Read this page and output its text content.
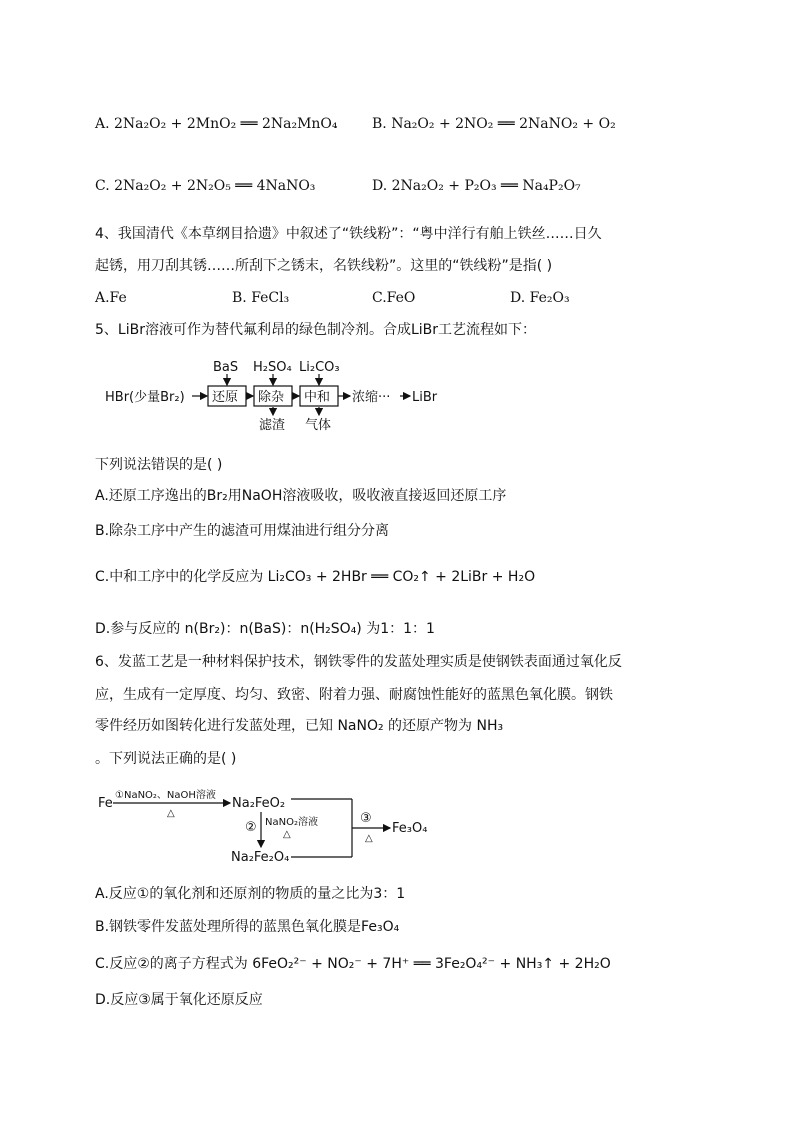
A. 2Na₂O₂ + 2MnO₂ ══ 2Na₂MnO₄ B. Na₂O₂ + 2NO₂ ══ 2NaNO₂ + O₂
C. 2Na₂O₂ + 2N₂O₅ ══ 4NaNO₃	D. 2Na₂O₂ + P₂O₃ ══ Na₄P₂O₇
4、我国清代《本草纲目拾遗》中叙述了“铁线粉”：“粤中洋行有舶上铁丝……日久
起锈，用刀刮其锈……所刮下之锈末，名铁线粉”。这里的“铁线粉”是指( )
A.Fe	B. FeCl₃	C.FeO	D. Fe₂O₃
5、LiBr溶液可作为替代氟利昂的绿色制冷剂。合成LiBr工艺流程如下：
HBr(少量Br₂) 还原 除杂 中和 浓缩··· LiBr
BaS H₂SO₄ Li₂CO₃
滤渣 气体
下列说法错误的是( )
A.还原工序逸出的Br₂用NaOH溶液吸收，吸收液直接返回还原工序
B.除杂工序中产生的滤渣可用煤油进行组分分离
C.中和工序中的化学反应为 Li₂CO₃ + 2HBr ══ CO₂↑ + 2LiBr + H₂O
D.参与反应的 n(Br₂)：n(BaS)：n(H₂SO₄) 为1：1：1
6、发蓝工艺是一种材料保护技术，钢铁零件的发蓝处理实质是使钢铁表面通过氧化反
应，生成有一定厚度、均匀、致密、附着力强、耐腐蚀性能好的蓝黑色氧化膜。钢铁
零件经历如图转化进行发蓝处理，已知 NaNO₂ 的还原产物为 NH₃
。下列说法正确的是( )
Fe
①NaNO₂、NaOH溶液
△
Na₂FeO₂
② NaNO₂溶液
△
Na₂Fe₂O₄
③
△
Fe₃O₄
A.反应①的氧化剂和还原剂的物质的量之比为3：1
B.钢铁零件发蓝处理所得的蓝黑色氧化膜是Fe₃O₄
C.反应②的离子方程式为 6FeO₂²⁻ + NO₂⁻ + 7H⁺ ══ 3Fe₂O₄²⁻ + NH₃↑ + 2H₂O
D.反应③属于氧化还原反应
